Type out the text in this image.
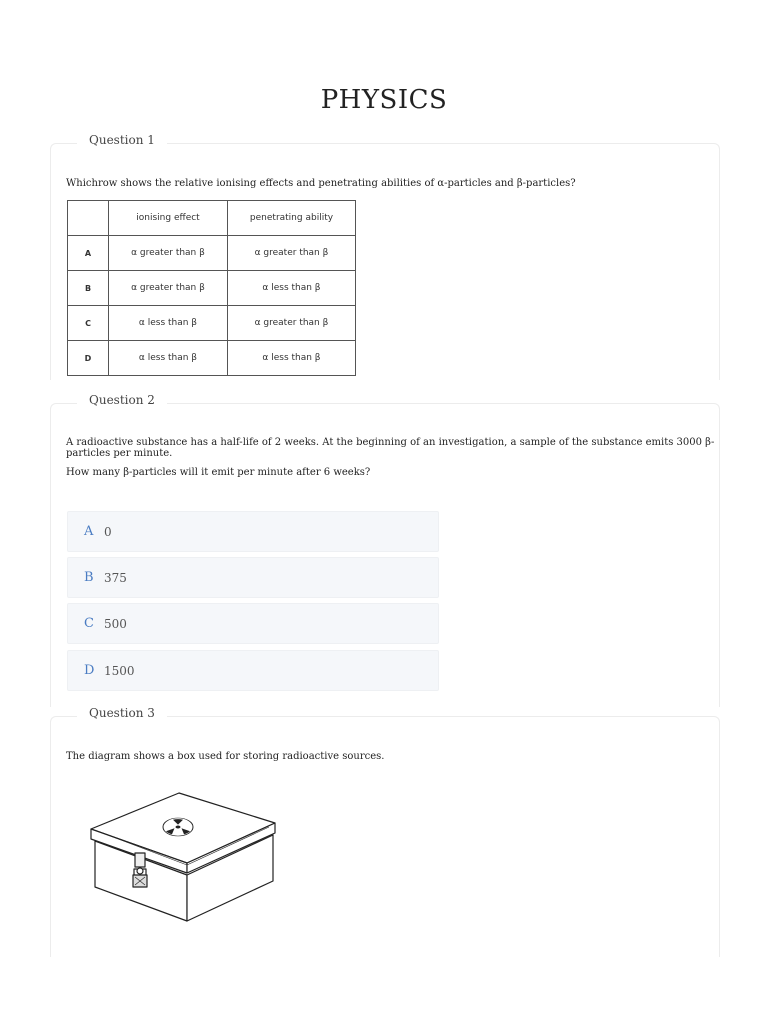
PHYSICS
Question 1
Whichrow shows the relative ionising effects and penetrating abilities of α-particles and β-particles?
	ionising effect	penetrating ability
A	α greater than β	α greater than β
B	α greater than β	α less than β
C	α less than β	α greater than β
D	α less than β	α less than β
Question 2
A radioactive substance has a half-life of 2 weeks. At the beginning of an investigation, a sample of the substance emits 3000 β-particles per minute.
How many β-particles will it emit per minute after 6 weeks?
A 0
B 375
C 500
D 1500
Question 3
The diagram shows a box used for storing radioactive sources.
